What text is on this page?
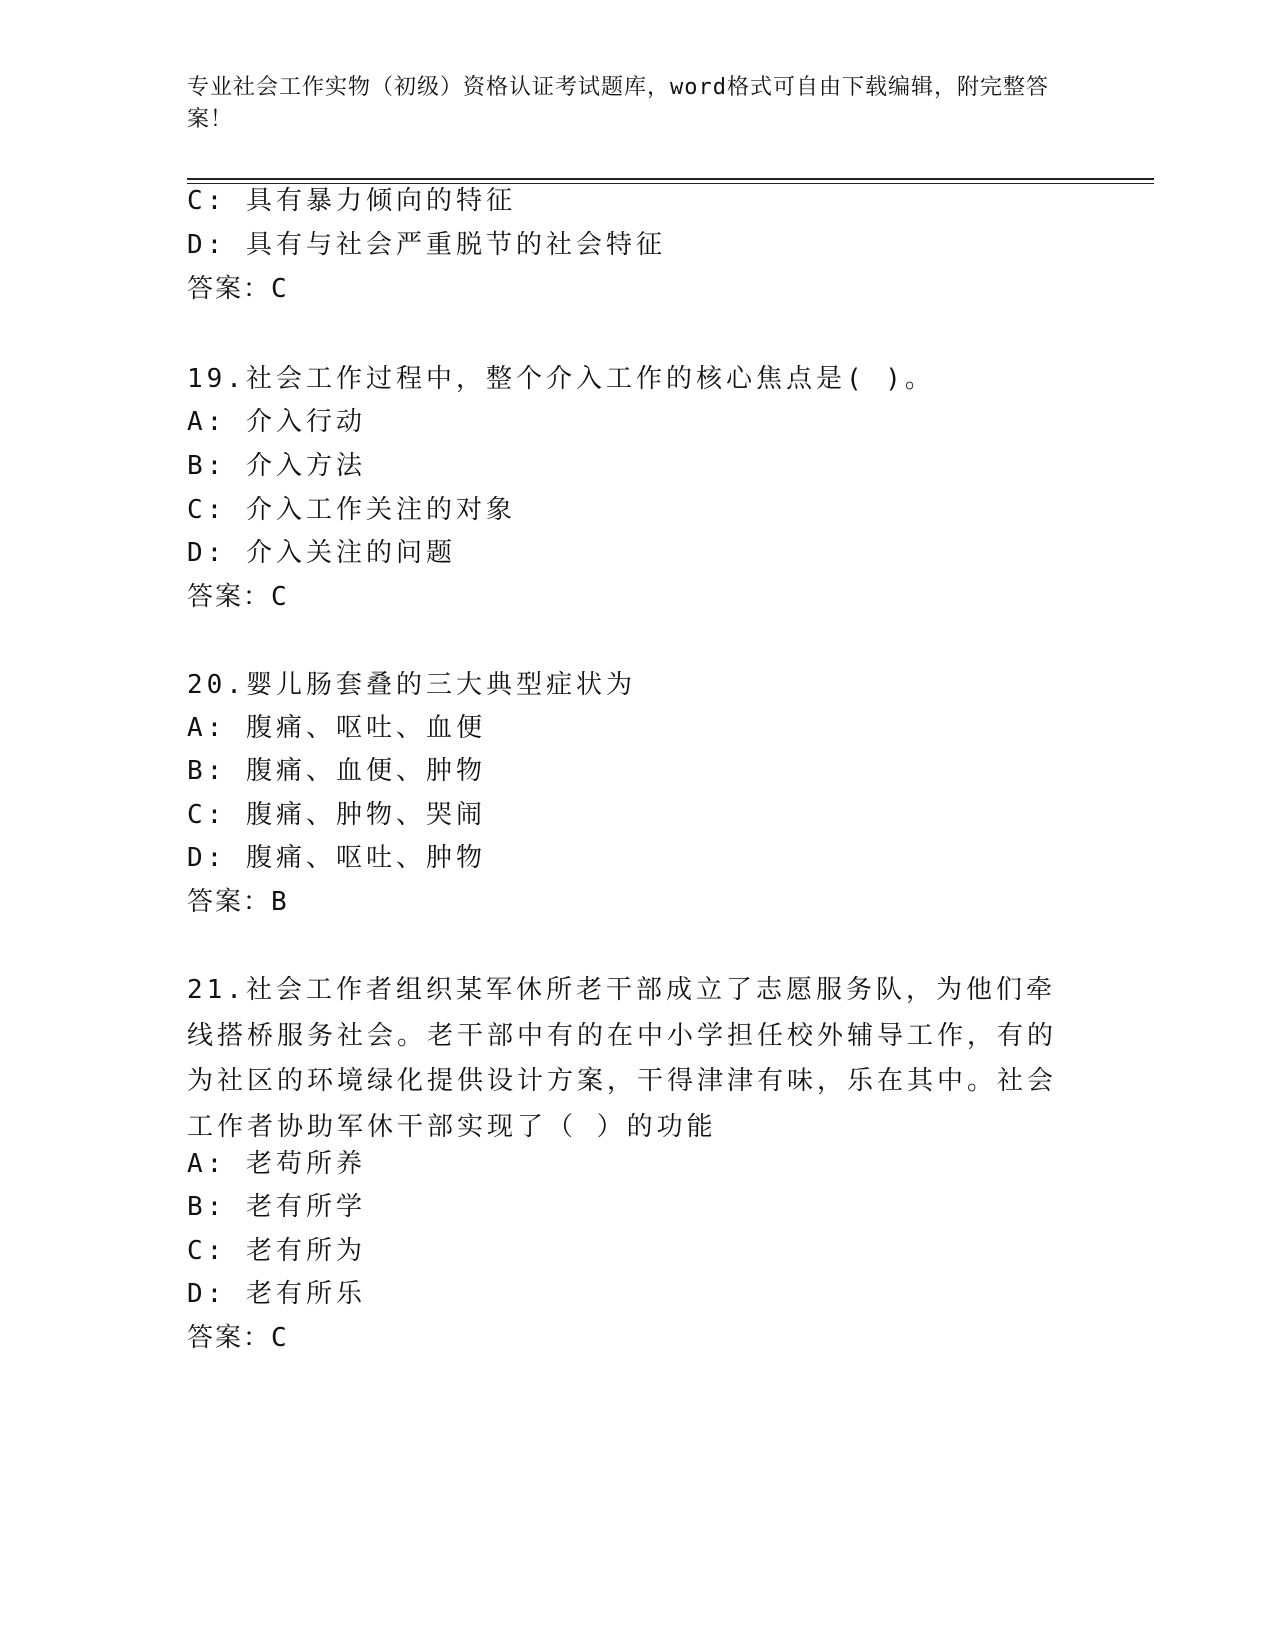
专业社会工作实物（初级）资格认证考试题库，word格式可自由下载编辑，附完整答案！
C: 具有暴力倾向的特征
D: 具有与社会严重脱节的社会特征
答案：C
19.社会工作过程中，整个介入工作的核心焦点是( )。
A: 介入行动
B: 介入方法
C: 介入工作关注的对象
D: 介入关注的问题
答案：C
20.婴儿肠套叠的三大典型症状为
A: 腹痛、呕吐、血便
B: 腹痛、血便、肿物
C: 腹痛、肿物、哭闹
D: 腹痛、呕吐、肿物
答案：B
21.社会工作者组织某军休所老干部成立了志愿服务队，为他们牵线搭桥服务社会。老干部中有的在中小学担任校外辅导工作，有的为社区的环境绿化提供设计方案，干得津津有味，乐在其中。社会工作者协助军休干部实现了（ ）的功能
A: 老苟所养
B: 老有所学
C: 老有所为
D: 老有所乐
答案：C
